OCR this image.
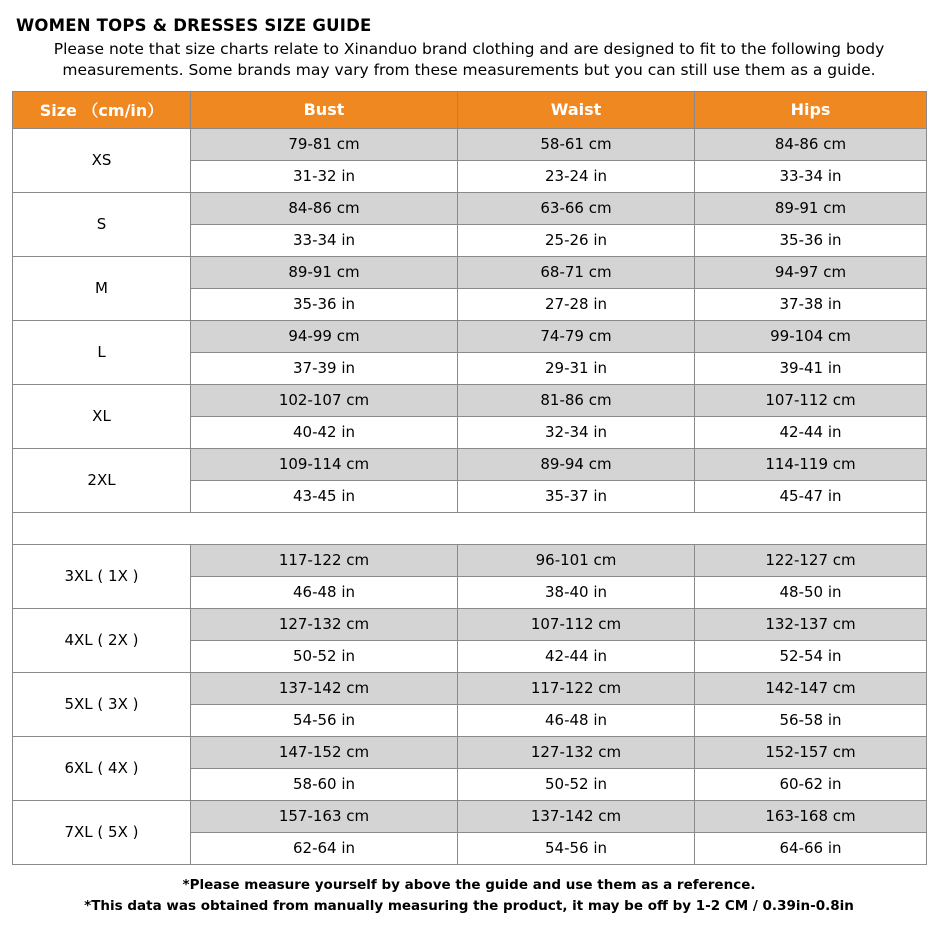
WOMEN TOPS & DRESSES SIZE GUIDE
Please note that size charts relate to Xinanduo brand clothing and are designed to fit to the following body measurements. Some brands may vary from these measurements but you can still use them as a guide.
Size （cm/in）	Bust	Waist	Hips
XS	79-81 cm	58-61 cm	84-86 cm
	31-32 in	23-24 in	33-34 in
S	84-86 cm	63-66 cm	89-91 cm
	33-34 in	25-26 in	35-36 in
M	89-91 cm	68-71 cm	94-97 cm
	35-36 in	27-28 in	37-38 in
L	94-99 cm	74-79 cm	99-104 cm
	37-39 in	29-31 in	39-41 in
XL	102-107 cm	81-86 cm	107-112 cm
	40-42 in	32-34 in	42-44 in
2XL	109-114 cm	89-94 cm	114-119 cm
	43-45 in	35-37 in	45-47 in

3XL ( 1X )	117-122 cm	96-101 cm	122-127 cm
	46-48 in	38-40 in	48-50 in
4XL ( 2X )	127-132 cm	107-112 cm	132-137 cm
	50-52 in	42-44 in	52-54 in
5XL ( 3X )	137-142 cm	117-122 cm	142-147 cm
	54-56 in	46-48 in	56-58 in
6XL ( 4X )	147-152 cm	127-132 cm	152-157 cm
	58-60 in	50-52 in	60-62 in
7XL ( 5X )	157-163 cm	137-142 cm	163-168 cm
	62-64 in	54-56 in	64-66 in
*Please measure yourself by above the guide and use them as a reference.
*This data was obtained from manually measuring the product, it may be off by 1-2 CM / 0.39in-0.8in
